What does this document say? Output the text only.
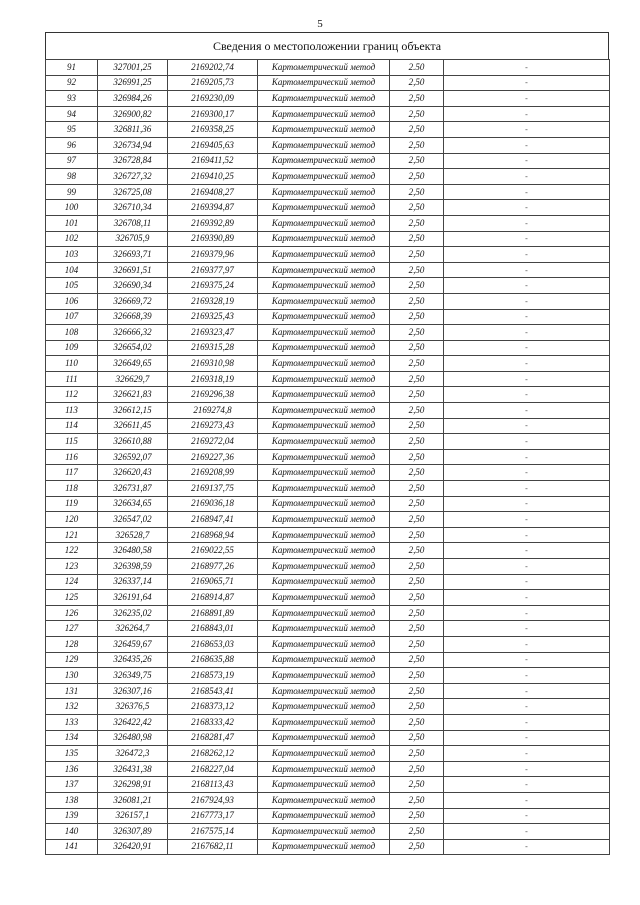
5
Сведения о местоположении границ объекта
91	327001,25	2169202,74	Картометрический метод	2.50	-
92	326991,25	2169205,73	Картометрический метод	2,50	-
93	326984,26	2169230,09	Картометрический метод	2,50	-
94	326900,82	2169300,17	Картометрический метод	2,50	-
95	326811,36	2169358,25	Картометрический метод	2,50	-
96	326734,94	2169405,63	Картометрический метод	2,50	-
97	326728,84	2169411,52	Картометрический метод	2,50	-
98	326727,32	2169410,25	Картометрический метод	2,50	-
99	326725,08	2169408,27	Картометрический метод	2,50	-
100	326710,34	2169394,87	Картометрический метод	2,50	-
101	326708,11	2169392,89	Картометрический метод	2,50	-
102	326705,9	2169390,89	Картометрический метод	2,50	-
103	326693,71	2169379,96	Картометрический метод	2,50	-
104	326691,51	2169377,97	Картометрический метод	2,50	-
105	326690,34	2169375,24	Картометрический метод	2,50	-
106	326669,72	2169328,19	Картометрический метод	2,50	-
107	326668,39	2169325,43	Картометрический метод	2,50	-
108	326666,32	2169323,47	Картометрический метод	2,50	-
109	326654,02	2169315,28	Картометрический метод	2,50	-
110	326649,65	2169310,98	Картометрический метод	2,50	-
111	326629,7	2169318,19	Картометрический метод	2,50	-
112	326621,83	2169296,38	Картометрический метод	2,50	-
113	326612,15	2169274,8	Картометрический метод	2,50	-
114	326611,45	2169273,43	Картометрический метод	2,50	-
115	326610,88	2169272,04	Картометрический метод	2,50	-
116	326592,07	2169227,36	Картометрический метод	2,50	-
117	326620,43	2169208,99	Картометрический метод	2,50	-
118	326731,87	2169137,75	Картометрический метод	2,50	-
119	326634,65	2169036,18	Картометрический метод	2,50	-
120	326547,02	2168947,41	Картометрический метод	2,50	-
121	326528,7	2168968,94	Картометрический метод	2,50	-
122	326480,58	2169022,55	Картометрический метод	2,50	-
123	326398,59	2168977,26	Картометрический метод	2,50	-
124	326337,14	2169065,71	Картометрический метод	2,50	-
125	326191,64	2168914,87	Картометрический метод	2,50	-
126	326235,02	2168891,89	Картометрический метод	2,50	-
127	326264,7	2168843,01	Картометрический метод	2,50	-
128	326459,67	2168653,03	Картометрический метод	2,50	-
129	326435,26	2168635,88	Картометрический метод	2,50	-
130	326349,75	2168573,19	Картометрический метод	2,50	-
131	326307,16	2168543,41	Картометрический метод	2,50	-
132	326376,5	2168373,12	Картометрический метод	2,50	-
133	326422,42	2168333,42	Картометрический метод	2,50	-
134	326480,98	2168281,47	Картометрический метод	2,50	-
135	326472,3	2168262,12	Картометрический метод	2,50	-
136	326431,38	2168227,04	Картометрический метод	2,50	-
137	326298,91	2168113,43	Картометрический метод	2,50	-
138	326081,21	2167924,93	Картометрический метод	2,50	-
139	326157,1	2167773,17	Картометрический метод	2,50	-
140	326307,89	2167575,14	Картометрический метод	2,50	-
141	326420,91	2167682,11	Картометрический метод	2,50	-
